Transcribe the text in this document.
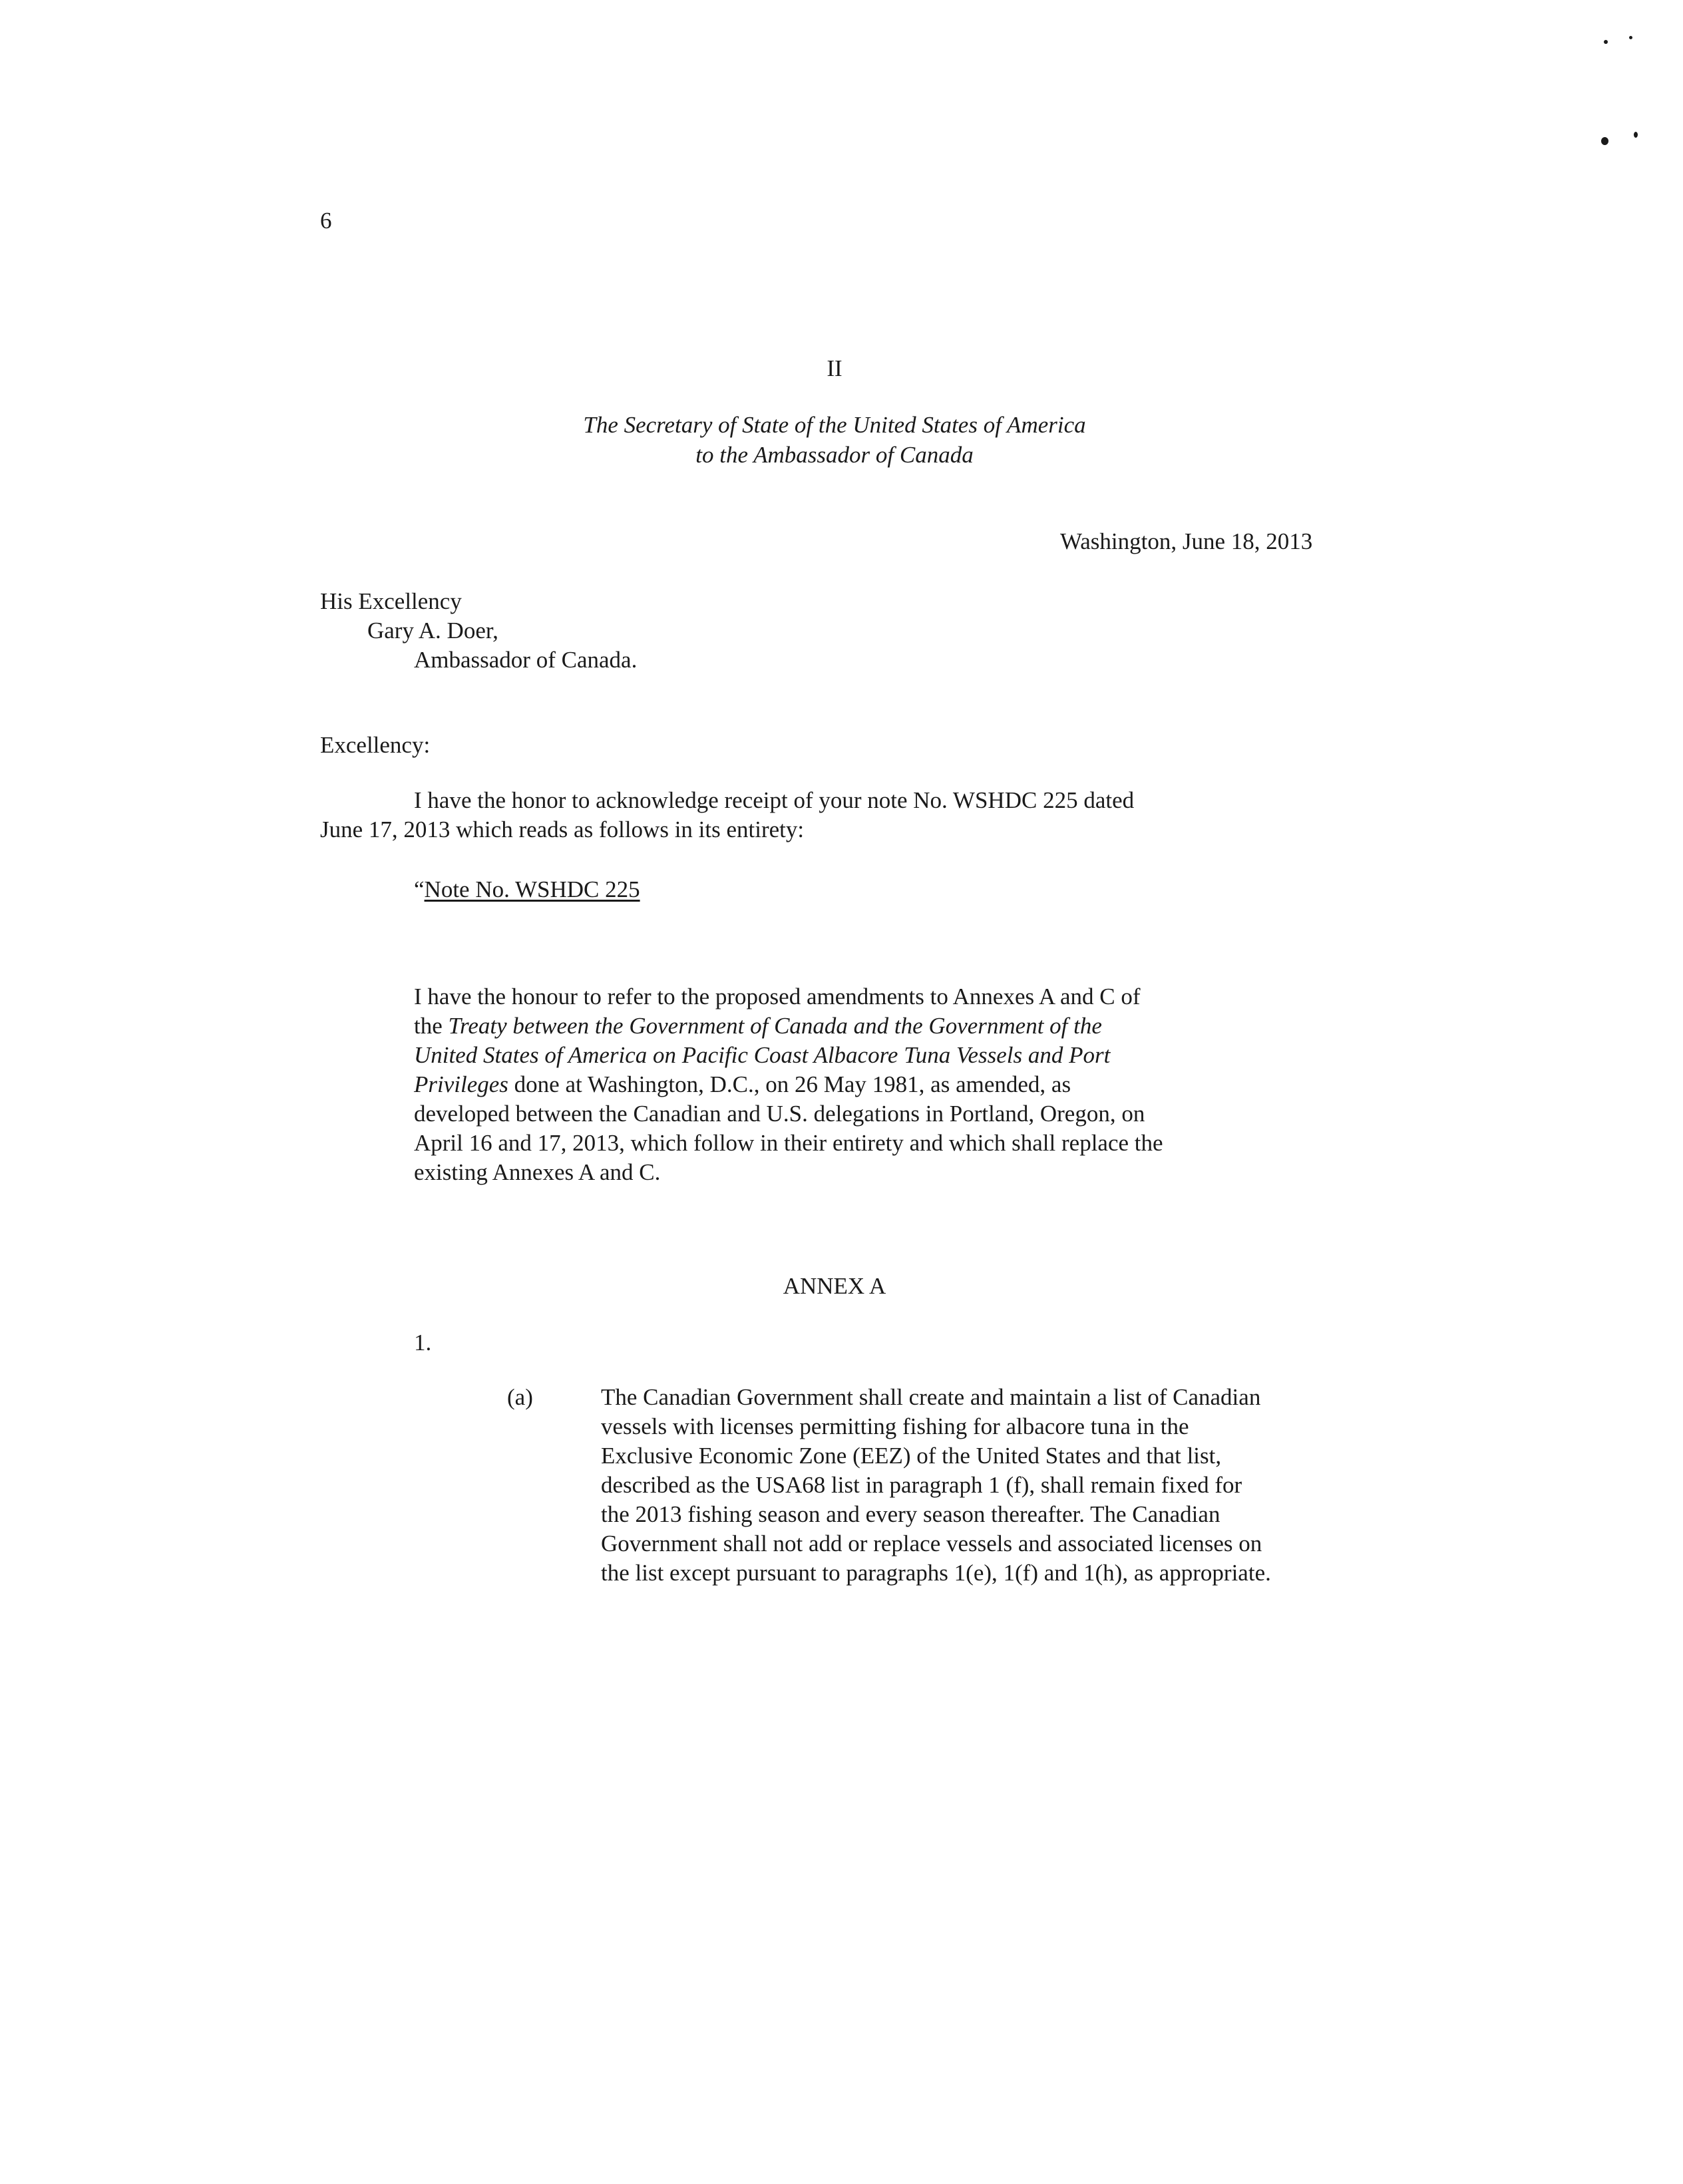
6
II
The Secretary of State of the United States of America
to the Ambassador of Canada
Washington, June 18, 2013
His Excellency
Gary A. Doer,
Ambassador of Canada.
Excellency:
I have the honor to acknowledge receipt of your note No. WSHDC 225 dated
June 17, 2013 which reads as follows in its entirety:
“Note No. WSHDC 225
I have the honour to refer to the proposed amendments to Annexes A and C of
the Treaty between the Government of Canada and the Government of the
United States of America on Pacific Coast Albacore Tuna Vessels and Port
Privileges done at Washington, D.C., on 26 May 1981, as amended, as
developed between the Canadian and U.S. delegations in Portland, Oregon, on
April 16 and 17, 2013, which follow in their entirety and which shall replace the
existing Annexes A and C.
ANNEX A
1.
(a)	The Canadian Government shall create and maintain a list of Canadian
vessels with licenses permitting fishing for albacore tuna in the
Exclusive Economic Zone (EEZ) of the United States and that list,
described as the USA68 list in paragraph 1 (f), shall remain fixed for
the 2013 fishing season and every season thereafter. The Canadian
Government shall not add or replace vessels and associated licenses on
the list except pursuant to paragraphs 1(e), 1(f) and 1(h), as appropriate.
